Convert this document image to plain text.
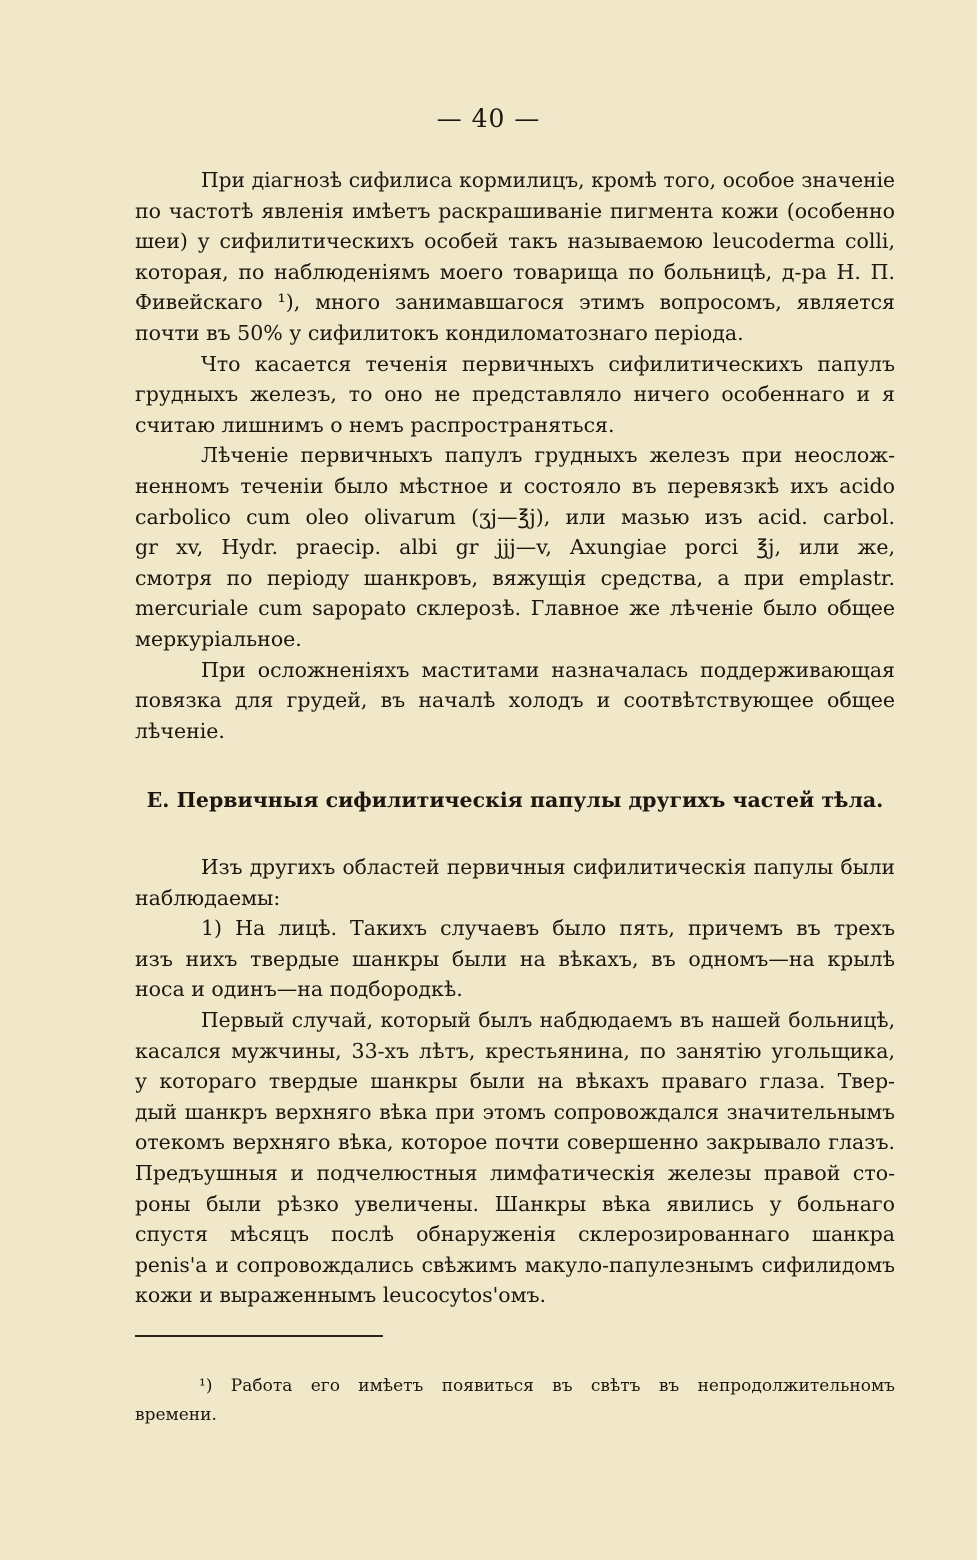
— 40 —
При діагнозѣ сифилиса кормилицъ, кромѣ того, особое значеніе
по частотѣ явленія имѣетъ раскрашиваніе пигмента кожи (особенно
шеи) у сифилитическихъ особей такъ называемою leucoderma colli,
которая, по наблюденіямъ моего товарища по больницѣ, д-ра Н. П.
Фивейскаго ¹), много занимавшагося этимъ вопросомъ, является
почти въ 50% у сифилитокъ кондиломатознаго періода.
Что касается теченія первичныхъ сифилитическихъ папулъ
грудныхъ железъ, то оно не представляло ничего особеннаго и я
считаю лишнимъ о немъ распространяться.
Лѣченіе первичныхъ папулъ грудныхъ железъ при неослож-
ненномъ теченіи было мѣстное и состояло въ перевязкѣ ихъ acido
carbolico cum oleo olivarum (ʒj—℥j), или мазью изъ acid. carbol.
gr xv, Hydr. praecip. albi gr jjj—v, Axungiae porci ℥j, или же,
смотря по періоду шанкровъ, вяжущія средства, а при emplastr.
mercuriale cum sapopato склерозѣ. Главное же лѣченіе было общее
меркуріальное.
При осложненіяхъ маститами назначалась поддерживающая
повязка для грудей, въ началѣ холодъ и соотвѣтствующее общее
лѣченіе.
Е. Первичныя сифилитическія папулы другихъ частей тѣла.
Изъ другихъ областей первичныя сифилитическія папулы были
наблюдаемы:
1) На лицѣ. Такихъ случаевъ было пять, причемъ въ трехъ
изъ нихъ твердые шанкры были на вѣкахъ, въ одномъ—на крылѣ
носа и одинъ—на подбородкѣ.
Первый случай, который былъ набдюдаемъ въ нашей больницѣ,
касался мужчины, 33-хъ лѣтъ, крестьянина, по занятію угольщика,
у котораго твердые шанкры были на вѣкахъ праваго глаза. Твер-
дый шанкръ верхняго вѣка при этомъ сопровождался значительнымъ
отекомъ верхняго вѣка, которое почти совершенно закрывало глазъ.
Предъушныя и подчелюстныя лимфатическія железы правой сто-
роны были рѣзко увеличены. Шанкры вѣка явились у больнаго
спустя мѣсяцъ послѣ обнаруженія склерозированнаго шанкра
penis'a и сопровождались свѣжимъ макуло-папулезнымъ сифилидомъ
кожи и выраженнымъ leucocytos'омъ.
¹) Работа его имѣетъ появиться въ свѣтъ въ непродолжительномъ
времени.
